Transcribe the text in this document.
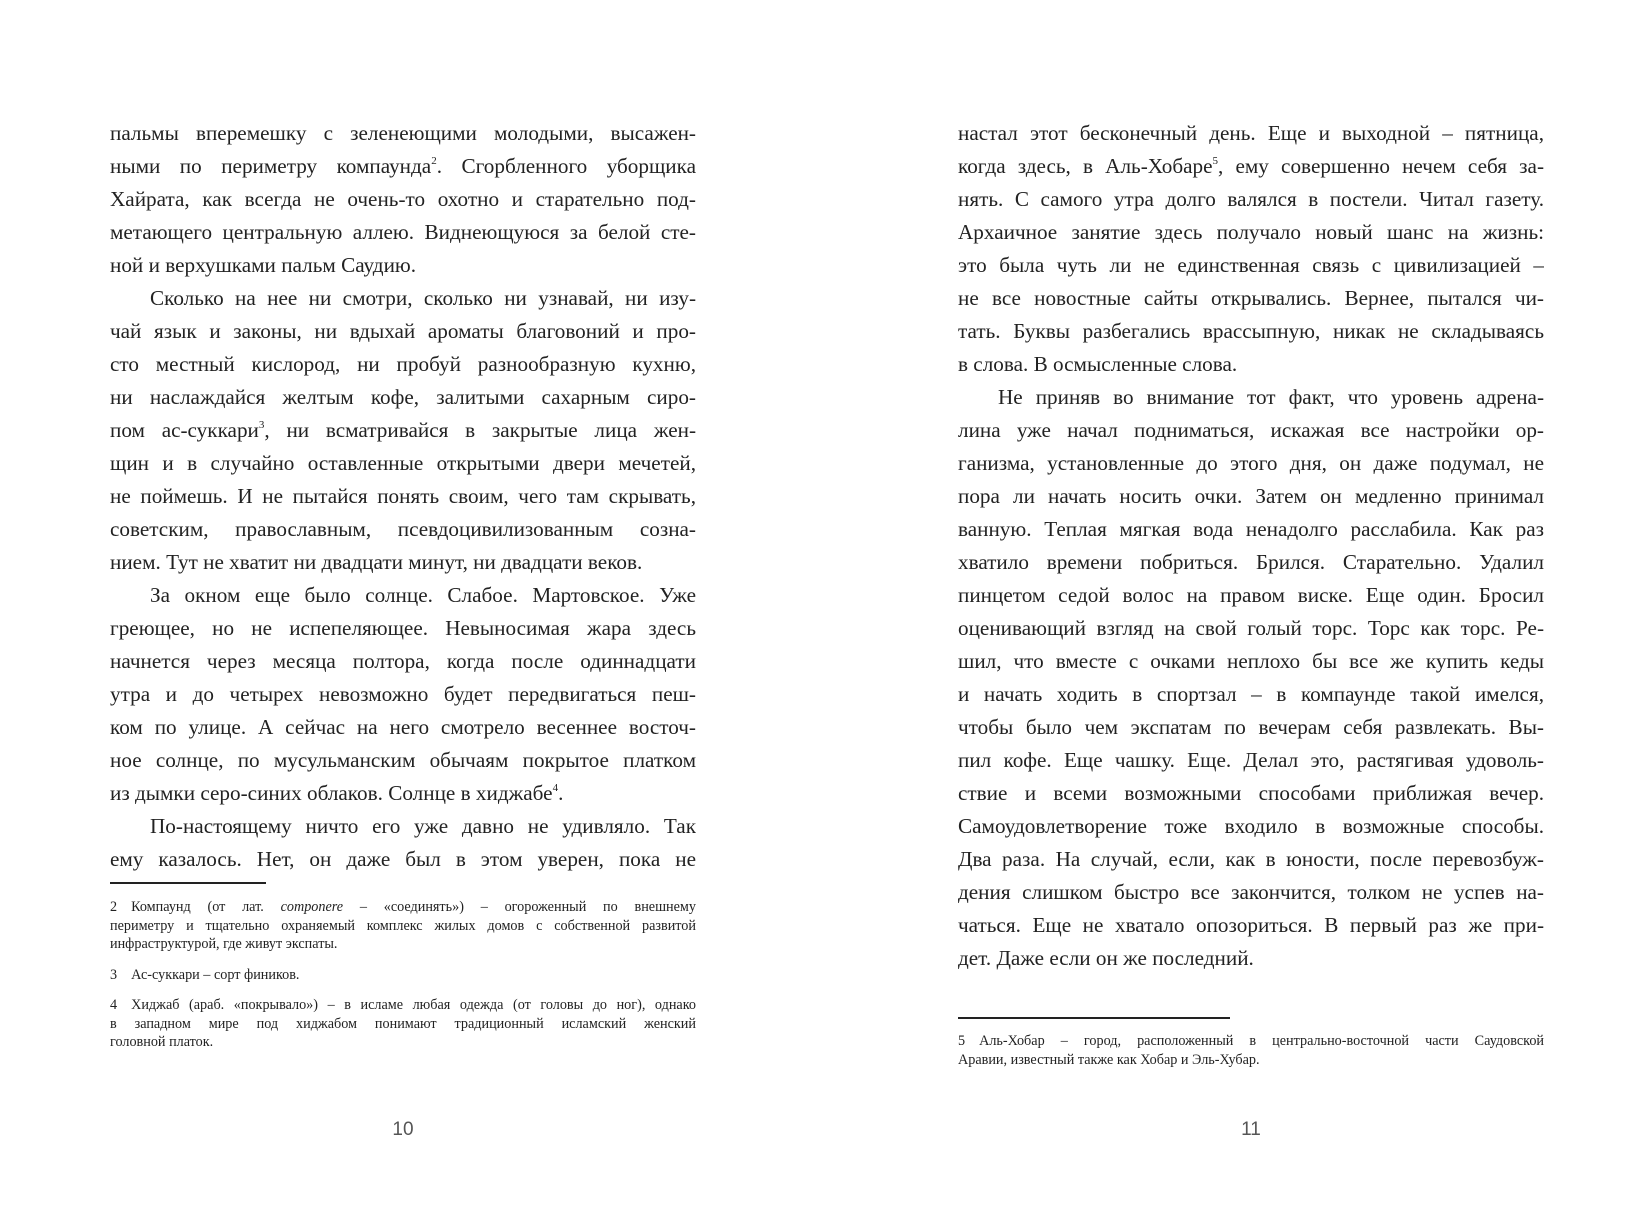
пальмы вперемешку с зеленеющими молодыми, высажен-
ными по периметру компаунда$^2$. Сгорбленного уборщика
Хайрата, как всегда не очень-то охотно и старательно под-
метающего центральную аллею. Виднеющуюся за белой сте-
ной и верхушками пальм Саудию.
Сколько на нее ни смотри, сколько ни узнавай, ни изу-
чай язык и законы, ни вдыхай ароматы благовоний и про-
сто местный кислород, ни пробуй разнообразную кухню,
ни наслаждайся желтым кофе, залитыми сахарным сиро-
пом ас-суккари$^3$, ни всматривайся в закрытые лица жен-
щин и в случайно оставленные открытыми двери мечетей,
не поймешь. И не пытайся понять своим, чего там скрывать,
советским, православным, псевдоцивилизованным созна-
нием. Тут не хватит ни двадцати минут, ни двадцати веков.
За окном еще было солнце. Слабое. Мартовское. Уже
греющее, но не испепеляющее. Невыносимая жара здесь
начнется через месяца полтора, когда после одиннадцати
утра и до четырех невозможно будет передвигаться пеш-
ком по улице. А сейчас на него смотрело весеннее восточ-
ное солнце, по мусульманским обычаям покрытое платком
из дымки серо-синих облаков. Солнце в хиджабе$^4$.
По-настоящему ничто его уже давно не удивляло. Так
ему казалось. Нет, он даже был в этом уверен, пока не
2 Компаунд (от лат. componere – «соединять») – огороженный по внешнему
периметру и тщательно охраняемый комплекс жилых домов с собственной развитой
инфраструктурой, где живут экспаты.
3 Ас-суккари – сорт фиников.
4 Хиджаб (араб. «покрывало») – в исламе любая одежда (от головы до ног), однако
в западном мире под хиджабом понимают традиционный исламский женский
головной платок.
10
настал этот бесконечный день. Еще и выходной – пятница,
когда здесь, в Аль-Хобаре$^5$, ему совершенно нечем себя за-
нять. С самого утра долго валялся в постели. Читал газету.
Архаичное занятие здесь получало новый шанс на жизнь:
это была чуть ли не единственная связь с цивилизацией –
не все новостные сайты открывались. Вернее, пытался чи-
тать. Буквы разбегались врассыпную, никак не складываясь
в слова. В осмысленные слова.
Не приняв во внимание тот факт, что уровень адрена-
лина уже начал подниматься, искажая все настройки ор-
ганизма, установленные до этого дня, он даже подумал, не
пора ли начать носить очки. Затем он медленно принимал
ванную. Теплая мягкая вода ненадолго расслабила. Как раз
хватило времени побриться. Брился. Старательно. Удалил
пинцетом седой волос на правом виске. Еще один. Бросил
оценивающий взгляд на свой голый торс. Торс как торс. Ре-
шил, что вместе с очками неплохо бы все же купить кеды
и начать ходить в спортзал – в компаунде такой имелся,
чтобы было чем экспатам по вечерам себя развлекать. Вы-
пил кофе. Еще чашку. Еще. Делал это, растягивая удоволь-
ствие и всеми возможными способами приближая вечер.
Самоудовлетворение тоже входило в возможные способы.
Два раза. На случай, если, как в юности, после перевозбуж-
дения слишком быстро все закончится, толком не успев на-
чаться. Еще не хватало опозориться. В первый раз же при-
дет. Даже если он же последний.
5 Аль-Хобар – город, расположенный в центрально-восточной части Саудовской
Аравии, известный также как Хобар и Эль-Хубар.
11
